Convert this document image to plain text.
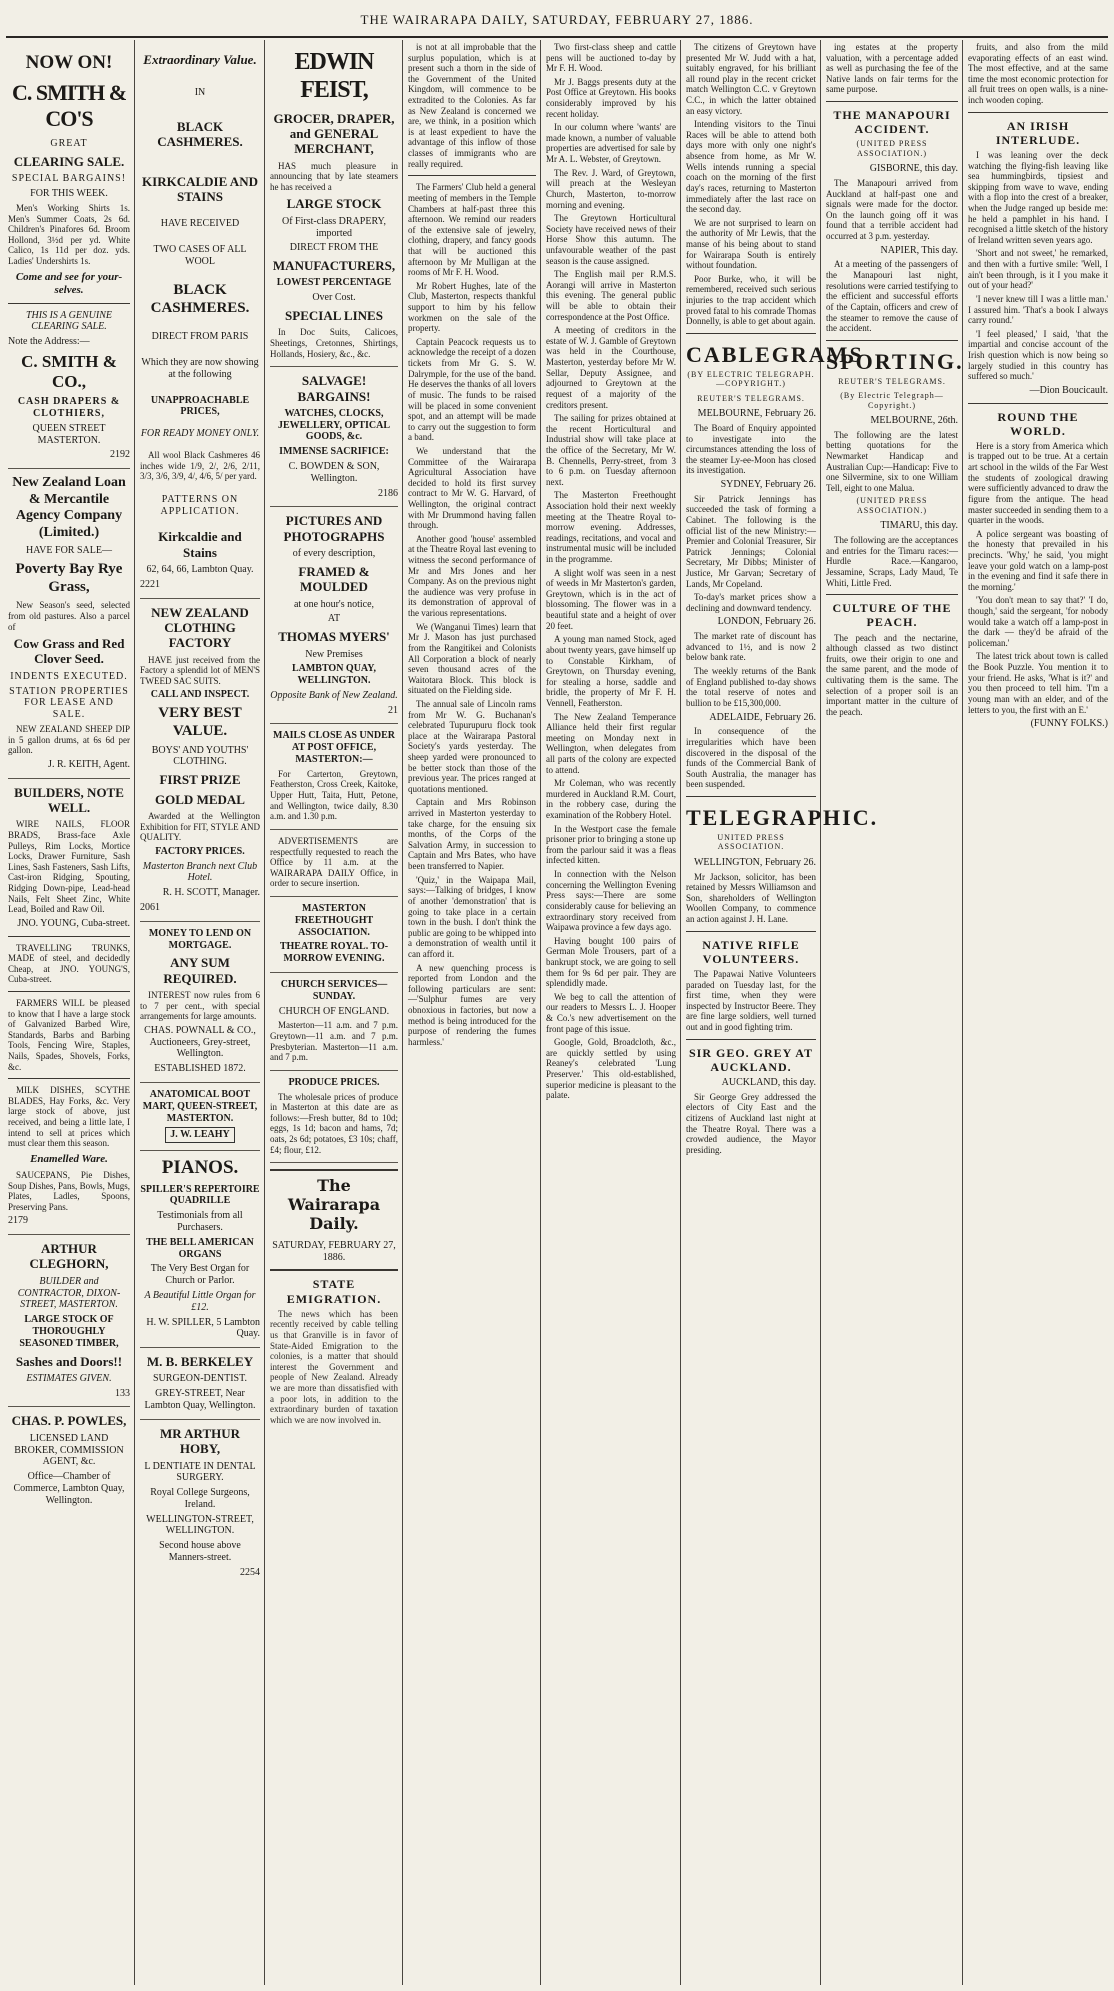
THE WAIRARAPA DAILY, SATURDAY, FEBRUARY 27, 1886.
NOW ON!
C. SMITH & CO'S
GREAT
CLEARING SALE.
SPECIAL BARGAINS!
FOR THIS WEEK.

Men's Working Shirts 1s. Men's Summer Coats, 2s 6d. Children's Pinafores 6d. Broom Hollond, 3½d per yd. White Calico, 1s 11d per doz. yds. Ladies' Undershirts 1s.

Come and see for your-selves.
THIS IS A GENUINE CLEARING SALE.
Note the Address:—
C. SMITH & CO.,
CASH DRAPERS & CLOTHIERS,
QUEEN STREET MASTERTON.
2192
New Zealand Loan & Mercantile Agency Company (Limited.)
HAVE FOR SALE—
Poverty Bay Rye Grass,

New Season's seed, selected from old pastures. Also a parcel of

Cow Grass and Red Clover Seed.
INDENTS EXECUTED.
STATION PROPERTIES FOR LEASE AND SALE.

NEW ZEALAND SHEEP DIP in 5 gallon drums, at 6s 6d per gallon.

J. R. KEITH, Agent.
BUILDERS, NOTE WELL.

WIRE NAILS, FLOOR BRADS, Brass-face Axle Pulleys, Rim Locks, Mortice Locks, Drawer Furniture, Sash Lines, Sash Fasteners, Sash Lifts, Cast-iron Ridging, Spouting, Ridging Down-pipe, Lead-head Nails, Felt Sheet Zinc, White Lead, Boiled and Raw Oil.

JNO. YOUNG, Cuba-street.

TRAVELLING TRUNKS, MADE of steel, and decidedly Cheap, at JNO. YOUNG'S, Cuba-street.

FARMERS WILL be pleased to know that I have a large stock of Galvanized Barbed Wire, Standards, Barbs and Barbing Tools, Fencing Wire, Staples, Nails, Spades, Shovels, Forks, &c.

MILK DISHES, SCYTHE BLADES, Hay Forks, &c. Very large stock of above, just received, and being a little late, I intend to sell at prices which must clear them this season.

Enamelled Ware.

SAUCEPANS, Pie Dishes, Soup Dishes, Pans, Bowls, Mugs, Plates, Ladles, Spoons, Preserving Pans.

2179
ARTHUR CLEGHORN,
BUILDER and CONTRACTOR, DIXON-STREET, MASTERTON.
LARGE STOCK OF THOROUGHLY SEASONED TIMBER,
Sashes and Doors!!
ESTIMATES GIVEN.
133
CHAS. P. POWLES,
LICENSED LAND BROKER, COMMISSION AGENT, &c.
Office—Chamber of Commerce, Lambton Quay, Wellington.
Extraordinary Value.
IN
BLACK CASHMERES.
KIRKCALDIE AND STAINS
HAVE RECEIVED
TWO CASES OF ALL WOOL
BLACK CASHMERES.
DIRECT FROM PARIS
Which they are now showing at the following
UNAPPROACHABLE PRICES,
FOR READY MONEY ONLY.

All wool Black Cashmeres 46 inches wide 1/9, 2/, 2/6, 2/11, 3/3, 3/6, 3/9, 4/, 4/6, 5/ per yard.

PATTERNS ON APPLICATION.
Kirkcaldie and Stains
62, 64, 66, Lambton Quay.
2221
NEW ZEALAND CLOTHING FACTORY

HAVE just received from the Factory a splendid lot of MEN'S TWEED SAC SUITS.

CALL AND INSPECT.
VERY BEST VALUE.
BOYS' AND YOUTHS' CLOTHING.
FIRST PRIZE
GOLD MEDAL

Awarded at the Wellington Exhibition for FIT, STYLE AND QUALITY.

FACTORY PRICES.
Masterton Branch next Club Hotel.
R. H. SCOTT, Manager.
2061
MONEY TO LEND ON MORTGAGE.
ANY SUM REQUIRED.

INTEREST now rules from 6 to 7 per cent., with special arrangements for large amounts.

CHAS. POWNALL & CO., Auctioneers, Grey-street, Wellington.
ESTABLISHED 1872.
ANATOMICAL BOOT MART, QUEEN-STREET, MASTERTON.
J. W. LEAHY
PIANOS.
SPILLER'S REPERTOIRE QUADRILLE
Testimonials from all Purchasers.
THE BELL AMERICAN ORGANS
The Very Best Organ for Church or Parlor.
A Beautiful Little Organ for £12.
H. W. SPILLER, 5 Lambton Quay.
M. B. BERKELEY
SURGEON-DENTIST.
GREY-STREET, Near Lambton Quay, Wellington.
MR ARTHUR HOBY,
L DENTIATE IN DENTAL SURGERY.
Royal College Surgeons, Ireland.
WELLINGTON-STREET, WELLINGTON.
Second house above Manners-street.
2254
EDWIN FEIST,
GROCER, DRAPER, and GENERAL MERCHANT,

HAS much pleasure in announcing that by late steamers he has received a

LARGE STOCK
Of First-class DRAPERY, imported
DIRECT FROM THE
MANUFACTURERS,
LOWEST PERCENTAGE
Over Cost.
SPECIAL LINES

In Doc Suits, Calicoes, Sheetings, Cretonnes, Shirtings, Hollands, Hosiery, &c., &c.

SALVAGE! BARGAINS!
WATCHES, CLOCKS, JEWELLERY, OPTICAL GOODS, &c.
IMMENSE SACRIFICE:
C. BOWDEN & SON, Wellington.
2186
PICTURES AND PHOTOGRAPHS
of every description,
FRAMED & MOULDED
at one hour's notice,
AT
THOMAS MYERS'
New Premises
LAMBTON QUAY, WELLINGTON.
Opposite Bank of New Zealand.
21
MAILS CLOSE AS UNDER AT POST OFFICE, MASTERTON:—

For Carterton, Greytown, Featherston, Cross Creek, Kaitoke, Upper Hutt, Taita, Hutt, Petone, and Wellington, twice daily, 8.30 a.m. and 1.30 p.m.

ADVERTISEMENTS are respectfully requested to reach the Office by 11 a.m. at the WAIRARAPA DAILY Office, in order to secure insertion.

MASTERTON FREETHOUGHT ASSOCIATION.
THEATRE ROYAL. TO-MORROW EVENING.
CHURCH SERVICES—SUNDAY.
CHURCH OF ENGLAND.

Masterton—11 a.m. and 7 p.m. Greytown—11 a.m. and 7 p.m. Presbyterian. Masterton—11 a.m. and 7 p.m.

PRODUCE PRICES.

The wholesale prices of produce in Masterton at this date are as follows:—Fresh butter, 8d to 10d; eggs, 1s 1d; bacon and hams, 7d; oats, 2s 6d; potatoes, £3 10s; chaff, £4; flour, £12.

The Wairarapa Daily.
SATURDAY, FEBRUARY 27, 1886.
STATE EMIGRATION.

The news which has been recently received by cable telling us that Granville is in favor of State-Aided Emigration to the colonies, is a matter that should interest the Government and people of New Zealand. Already we are more than dissatisfied with a poor lots, in addition to the extraordinary burden of taxation which we are now involved in.

is not at all improbable that the surplus population, which is at present such a thorn in the side of the Government of the United Kingdom, will commence to be extradited to the Colonies. As far as New Zealand is concerned we are, we think, in a position which is at least expedient to have the advantage of this inflow of those classes of immigrants who are really required.

The Farmers' Club held a general meeting of members in the Temple Chambers at half-past three this afternoon. We remind our readers of the extensive sale of jewelry, clothing, drapery, and fancy goods that will be auctioned this afternoon by Mr Mulligan at the rooms of Mr F. H. Wood.

Mr Robert Hughes, late of the Club, Masterton, respects thankful support to him by his fellow workmen on the sale of the property.

Captain Peacock requests us to acknowledge the receipt of a dozen tickets from Mr G. S. W. Dalrymple, for the use of the band. He deserves the thanks of all lovers of music. The funds to be raised will be placed in some convenient spot, and an attempt will be made to carry out the suggestion to form a band.

We understand that the Committee of the Wairarapa Agricultural Association have decided to hold its first survey contract to Mr W. G. Harvard, of Wellington, the original contract with Mr Drummond having fallen through.

Another good 'house' assembled at the Theatre Royal last evening to witness the second performance of Mr and Mrs Jones and her Company. As on the previous night the audience was very profuse in its demonstration of approval of the various representations.

We (Wanganui Times) learn that Mr J. Mason has just purchased from the Rangitikei and Colonists All Corporation a block of nearly seven thousand acres of the Waitotara Block. This block is situated on the Fielding side.

The annual sale of Lincoln rams from Mr W. G. Buchanan's celebrated Tupurupuru flock took place at the Wairarapa Pastoral Society's yards yesterday. The sheep yarded were pronounced to be better stock than those of the previous year. The prices ranged at quotations mentioned.

Captain and Mrs Robinson arrived in Masterton yesterday to take charge, for the ensuing six months, of the Corps of the Salvation Army, in succession to Captain and Mrs Bates, who have been transferred to Napier.

'Quiz,' in the Waipapa Mail, says:—Talking of bridges, I know of another 'demonstration' that is going to take place in a certain town in the bush. I don't think the public are going to be whipped into a demonstration of wealth until it can afford it.

A new quenching process is reported from London and the following particulars are sent:—'Sulphur fumes are very obnoxious in factories, but now a method is being introduced for the purpose of rendering the fumes harmless.'

Two first-class sheep and cattle pens will be auctioned to-day by Mr F. H. Wood.

Mr J. Baggs presents duty at the Post Office at Greytown. His books considerably improved by his recent holiday.

In our column where 'wants' are made known, a number of valuable properties are advertised for sale by Mr A. L. Webster, of Greytown.

The Rev. J. Ward, of Greytown, will preach at the Wesleyan Church, Masterton, to-morrow morning and evening.

The Greytown Horticultural Society have received news of their Horse Show this autumn. The unfavourable weather of the past season is the cause assigned.

The English mail per R.M.S. Aorangi will arrive in Masterton this evening. The general public will be able to obtain their correspondence at the Post Office.

A meeting of creditors in the estate of W. J. Gamble of Greytown was held in the Courthouse, Masterton, yesterday before Mr W. Sellar, Deputy Assignee, and adjourned to Greytown at the request of a majority of the creditors present.

The sailing for prizes obtained at the recent Horticultural and Industrial show will take place at the office of the Secretary, Mr W. B. Chennells, Perry-street, from 3 to 6 p.m. on Tuesday afternoon next.

The Masterton Freethought Association hold their next weekly meeting at the Theatre Royal to-morrow evening. Addresses, readings, recitations, and vocal and instrumental music will be included in the programme.

A slight wolf was seen in a nest of weeds in Mr Masterton's garden, Greytown, which is in the act of blossoming. The flower was in a beautiful state and a height of over 20 feet.

A young man named Stock, aged about twenty years, gave himself up to Constable Kirkham, of Greytown, on Thursday evening, for stealing a horse, saddle and bridle, the property of Mr F. H. Vennell, Featherston.

The New Zealand Temperance Alliance held their first regular meeting on Monday next in Wellington, when delegates from all parts of the colony are expected to attend.

Mr Coleman, who was recently murdered in Auckland R.M. Court, in the robbery case, during the examination of the Robbery Hotel.

In the Westport case the female prisoner prior to bringing a stone up from the parlour said it was a fleas infected kitten.

In connection with the Nelson concerning the Wellington Evening Press says:—There are some considerably cause for believing an extraordinary story received from Waipawa province a few days ago.

Having bought 100 pairs of German Mole Trousers, part of a bankrupt stock, we are going to sell them for 9s 6d per pair. They are splendidly made.

We beg to call the attention of our readers to Messrs L. J. Hooper & Co.'s new advertisement on the front page of this issue.

Google, Gold, Broadcloth, &c., are quickly settled by using Reaney's celebrated 'Lung Preserver.' This old-established, superior medicine is pleasant to the palate.

The citizens of Greytown have presented Mr W. Judd with a hat, suitably engraved, for his brilliant all round play in the recent cricket match Wellington C.C. v Greytown C.C., in which the latter obtained an easy victory.

Intending visitors to the Tinui Races will be able to attend both days more with only one night's absence from home, as Mr W. Wells intends running a special coach on the morning of the first day's races, returning to Masterton immediately after the last race on the second day.

We are not surprised to learn on the authority of Mr Lewis, that the manse of his being about to stand for Wairarapa South is entirely without foundation.

Poor Burke, who, it will be remembered, received such serious injuries to the trap accident which proved fatal to his comrade Thomas Donnelly, is able to get about again.

CABLEGRAMS
(BY ELECTRIC TELEGRAPH.—COPYRIGHT.)
REUTER'S TELEGRAMS.
MELBOURNE, February 26.

The Board of Enquiry appointed to investigate into the circumstances attending the loss of the steamer Ly-ee-Moon has closed its investigation.

SYDNEY, February 26.

Sir Patrick Jennings has succeeded the task of forming a Cabinet. The following is the official list of the new Ministry:—Premier and Colonial Treasurer, Sir Patrick Jennings; Colonial Secretary, Mr Dibbs; Minister of Justice, Mr Garvan; Secretary of Lands, Mr Copeland.

To-day's market prices show a declining and downward tendency.

LONDON, February 26.

The market rate of discount has advanced to 1½, and is now 2 below bank rate.

The weekly returns of the Bank of England published to-day shows the total reserve of notes and bullion to be £15,300,000.

ADELAIDE, February 26.

In consequence of the irregularities which have been discovered in the disposal of the funds of the Commercial Bank of South Australia, the manager has been suspended.

TELEGRAPHIC.
UNITED PRESS ASSOCIATION.
WELLINGTON, February 26.

Mr Jackson, solicitor, has been retained by Messrs Williamson and Son, shareholders of Wellington Woollen Company, to commence an action against J. H. Lane.

NATIVE RIFLE VOLUNTEERS.

The Papawai Native Volunteers paraded on Tuesday last, for the first time, when they were inspected by Instructor Beere. They are fine large soldiers, well turned out and in good fighting trim.

SIR GEO. GREY AT AUCKLAND.
AUCKLAND, this day.

Sir George Grey addressed the electors of City East and the citizens of Auckland last night at the Theatre Royal. There was a crowded audience, the Mayor presiding.

ing estates at the property valuation, with a percentage added as well as purchasing the fee of the Native lands on fair terms for the same purpose.

THE MANAPOURI ACCIDENT.
(UNITED PRESS ASSOCIATION.)
GISBORNE, this day.

The Manapouri arrived from Auckland at half-past one and signals were made for the doctor. On the launch going off it was found that a terrible accident had occurred at 3 p.m. yesterday.

NAPIER, This day.

At a meeting of the passengers of the Manapouri last night, resolutions were carried testifying to the efficient and successful efforts of the Captain, officers and crew of the steamer to remove the cause of the accident.

SPORTING.
REUTER'S TELEGRAMS.
(By Electric Telegraph—Copyright.)
MELBOURNE, 26th.

The following are the latest betting quotations for the Newmarket Handicap and Australian Cup:—Handicap: Five to one Silvermine, six to one William Tell, eight to one Malua.

(UNITED PRESS ASSOCIATION.)
TIMARU, this day.

The following are the acceptances and entries for the Timaru races:—Hurdle Race.—Kangaroo, Jessamine, Scraps, Lady Maud, Te Whiti, Little Fred.

CULTURE OF THE PEACH.

The peach and the nectarine, although classed as two distinct fruits, owe their origin to one and the same parent, and the mode of cultivating them is the same. The selection of a proper soil is an important matter in the culture of the peach.

fruits, and also from the mild evaporating effects of an east wind. The most effective, and at the same time the most economic protection for all fruit trees on open walls, is a nine-inch wooden coping.

AN IRISH INTERLUDE.

I was leaning over the deck watching the flying-fish leaving like sea hummingbirds, tipsiest and skipping from wave to wave, ending with a flop into the crest of a breaker, when the Judge ranged up beside me: he held a pamphlet in his hand. I recognised a little sketch of the history of Ireland written seven years ago.

'Short and not sweet,' he remarked, and then with a furtive smile: 'Well, I ain't been through, is it I you make it out of your head?'

'I never knew till I was a little man.' I assured him. 'That's a book I always carry round.'

'I feel pleased,' I said, 'that the impartial and concise account of the Irish question which is now being so largely studied in this country has suffered so much.'

—Dion Boucicault.
ROUND THE WORLD.

Here is a story from America which is trapped out to be true. At a certain art school in the wilds of the Far West the students of zoological drawing were sufficiently advanced to draw the figure from the antique. The head master succeeded in sending them to a quarter in the woods.

A police sergeant was boasting of the honesty that prevailed in his precincts. 'Why,' he said, 'you might leave your gold watch on a lamp-post in the evening and find it safe there in the morning.'

'You don't mean to say that?' 'I do, though,' said the sergeant, 'for nobody would take a watch off a lamp-post in the dark — they'd be afraid of the policeman.'

The latest trick about town is called the Book Puzzle. You mention it to your friend. He asks, 'What is it?' and you then proceed to tell him. 'I'm a young man with an elder, and of the letters to you, the first with an E.'

(FUNNY FOLKS.)
